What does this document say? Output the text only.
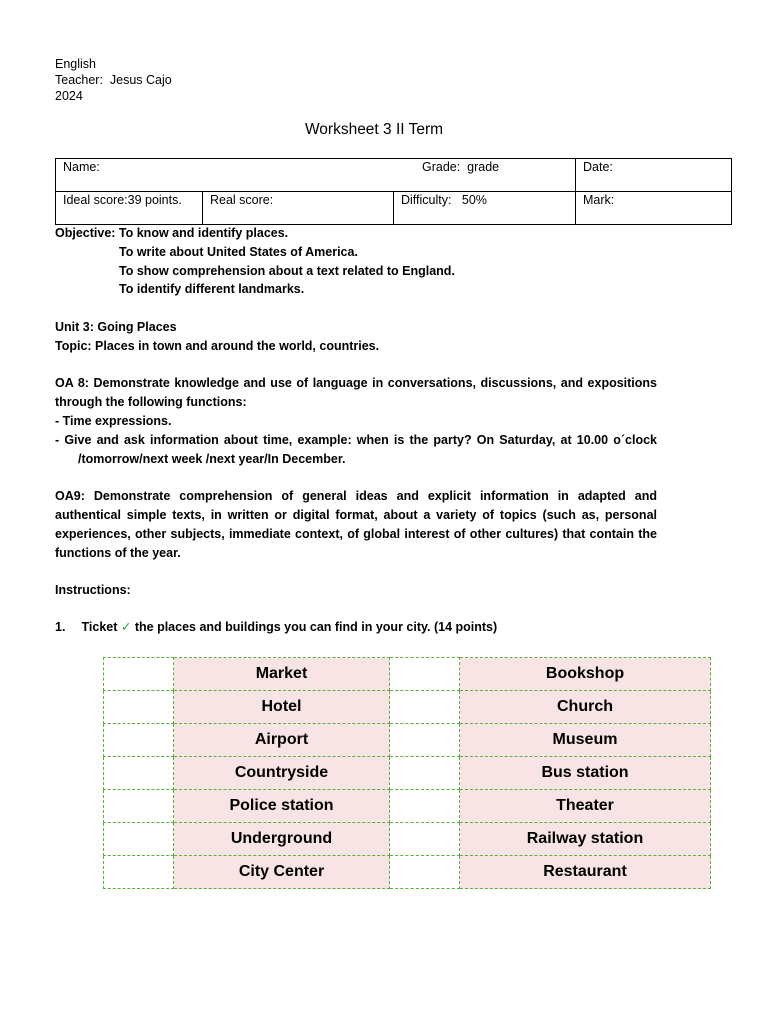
English
Teacher:  Jesus Cajo
2024
Worksheet 3 II Term
Name: Grade:  grade			Date:
Ideal score:39 points.	Real score:	Difficulty:   50%	Mark:

Objective: To know and identify places.

To write about United States of America.

To show comprehension about a text related to England.

To identify different landmarks.

Unit 3: Going Places

Topic: Places in town and around the world, countries.

OA 8: Demonstrate knowledge and use of language in conversations, discussions, and expositions through the following functions:

- Time expressions.

- Give and ask information about time, example: when is the party? On Saturday, at 10.00 o´clock

/tomorrow/next week /next year/In December.

OA9: Demonstrate comprehension of general ideas and explicit information in adapted and authentical simple texts, in written or digital format, about a variety of topics (such as, personal experiences, other subjects, immediate context, of global interest of other cultures) that contain the functions of the year.

Instructions:

1. Ticket ✓ the places and buildings you can find in your city. (14 points)
	Market		Bookshop
	Hotel		Church
	Airport		Museum
	Countryside		Bus station
	Police station		Theater
	Underground		Railway station
	City Center		Restaurant
